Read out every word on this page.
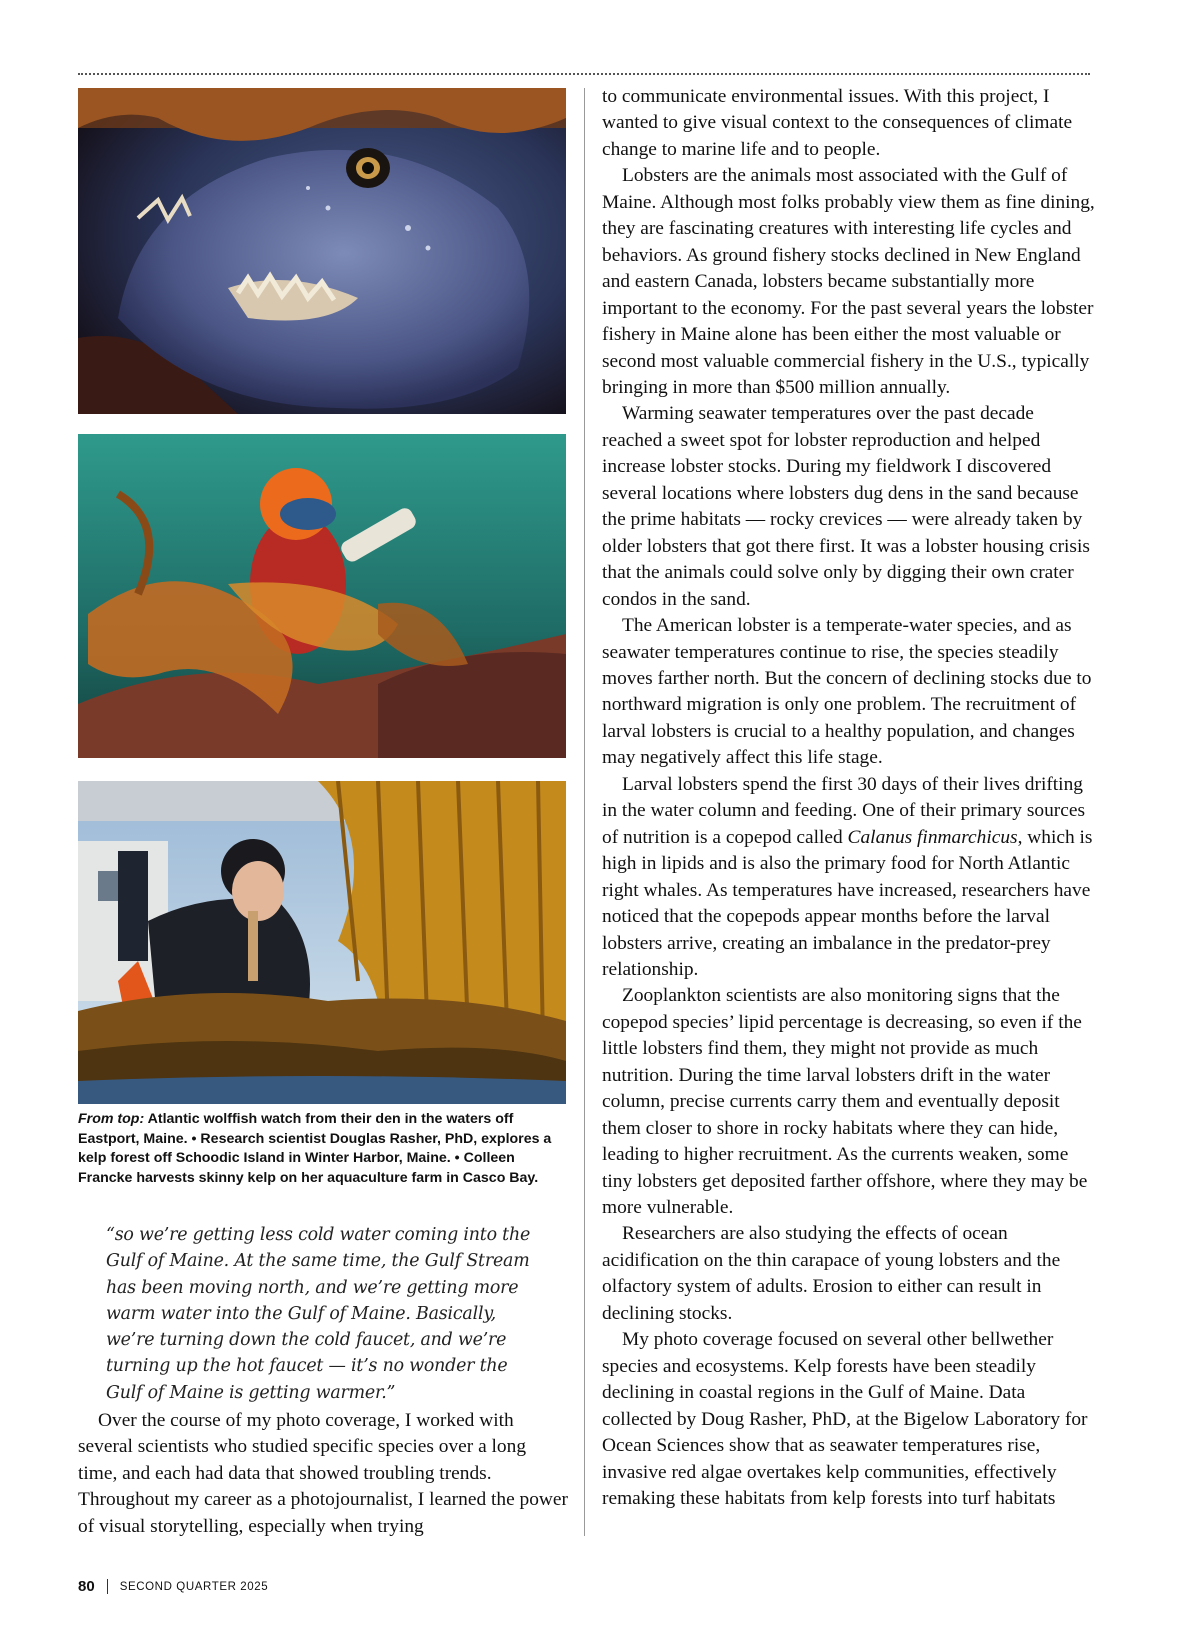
From top: Atlantic wolffish watch from their den in the waters off Eastport, Maine. • Research scientist Douglas Rasher, PhD, explores a kelp forest off Schoodic Island in Winter Harbor, Maine. • Colleen Francke harvests skinny kelp on her aquaculture farm in Casco Bay.

“so we’re getting less cold water coming into the Gulf of Maine. At the same time, the Gulf Stream has been moving north, and we’re getting more warm water into the Gulf of Maine. Basically, we’re turning down the cold faucet, and we’re turning up the hot faucet — it’s no wonder the Gulf of Maine is getting warmer.”

Over the course of my photo coverage, I worked with several scientists who studied specific species over a long time, and each had data that showed troubling trends. Throughout my career as a photojournalist, I learned the power of visual storytelling, especially when trying

to communicate environmental issues. With this project, I wanted to give visual context to the consequences of climate change to marine life and to people.

Lobsters are the animals most associated with the Gulf of Maine. Although most folks probably view them as fine dining, they are fascinating creatures with interesting life cycles and behaviors. As ground fishery stocks declined in New England and eastern Canada, lobsters became substantially more important to the economy. For the past several years the lobster fishery in Maine alone has been either the most valuable or second most valuable commercial fishery in the U.S., typically bringing in more than $500 million annually.

Warming seawater temperatures over the past decade reached a sweet spot for lobster reproduction and helped increase lobster stocks. During my fieldwork I discovered several locations where lobsters dug dens in the sand because the prime habitats — rocky crevices — were already taken by older lobsters that got there first. It was a lobster housing crisis that the animals could solve only by digging their own crater condos in the sand.

The American lobster is a temperate-water species, and as seawater temperatures continue to rise, the species steadily moves farther north. But the concern of declining stocks due to northward migration is only one problem. The recruitment of larval lobsters is crucial to a healthy population, and changes may negatively affect this life stage.

Larval lobsters spend the first 30 days of their lives drifting in the water column and feeding. One of their primary sources of nutrition is a copepod called Calanus finmarchicus, which is high in lipids and is also the primary food for North Atlantic right whales. As temperatures have increased, researchers have noticed that the copepods appear months before the larval lobsters arrive, creating an imbalance in the predator-prey relationship.

Zooplankton scientists are also monitoring signs that the copepod species’ lipid percentage is decreasing, so even if the little lobsters find them, they might not provide as much nutrition. During the time larval lobsters drift in the water column, precise currents carry them and eventually deposit them closer to shore in rocky habitats where they can hide, leading to higher recruitment. As the currents weaken, some tiny lobsters get deposited farther offshore, where they may be more vulnerable.

Researchers are also studying the effects of ocean acidification on the thin carapace of young lobsters and the olfactory system of adults. Erosion to either can result in declining stocks.

My photo coverage focused on several other bellwether species and ecosystems. Kelp forests have been steadily declining in coastal regions in the Gulf of Maine. Data collected by Doug Rasher, PhD, at the Bigelow Laboratory for Ocean Sciences show that as seawater temperatures rise, invasive red algae overtakes kelp communities, effectively remaking these habitats from kelp forests into turf habitats

80 SECOND QUARTER 2025
